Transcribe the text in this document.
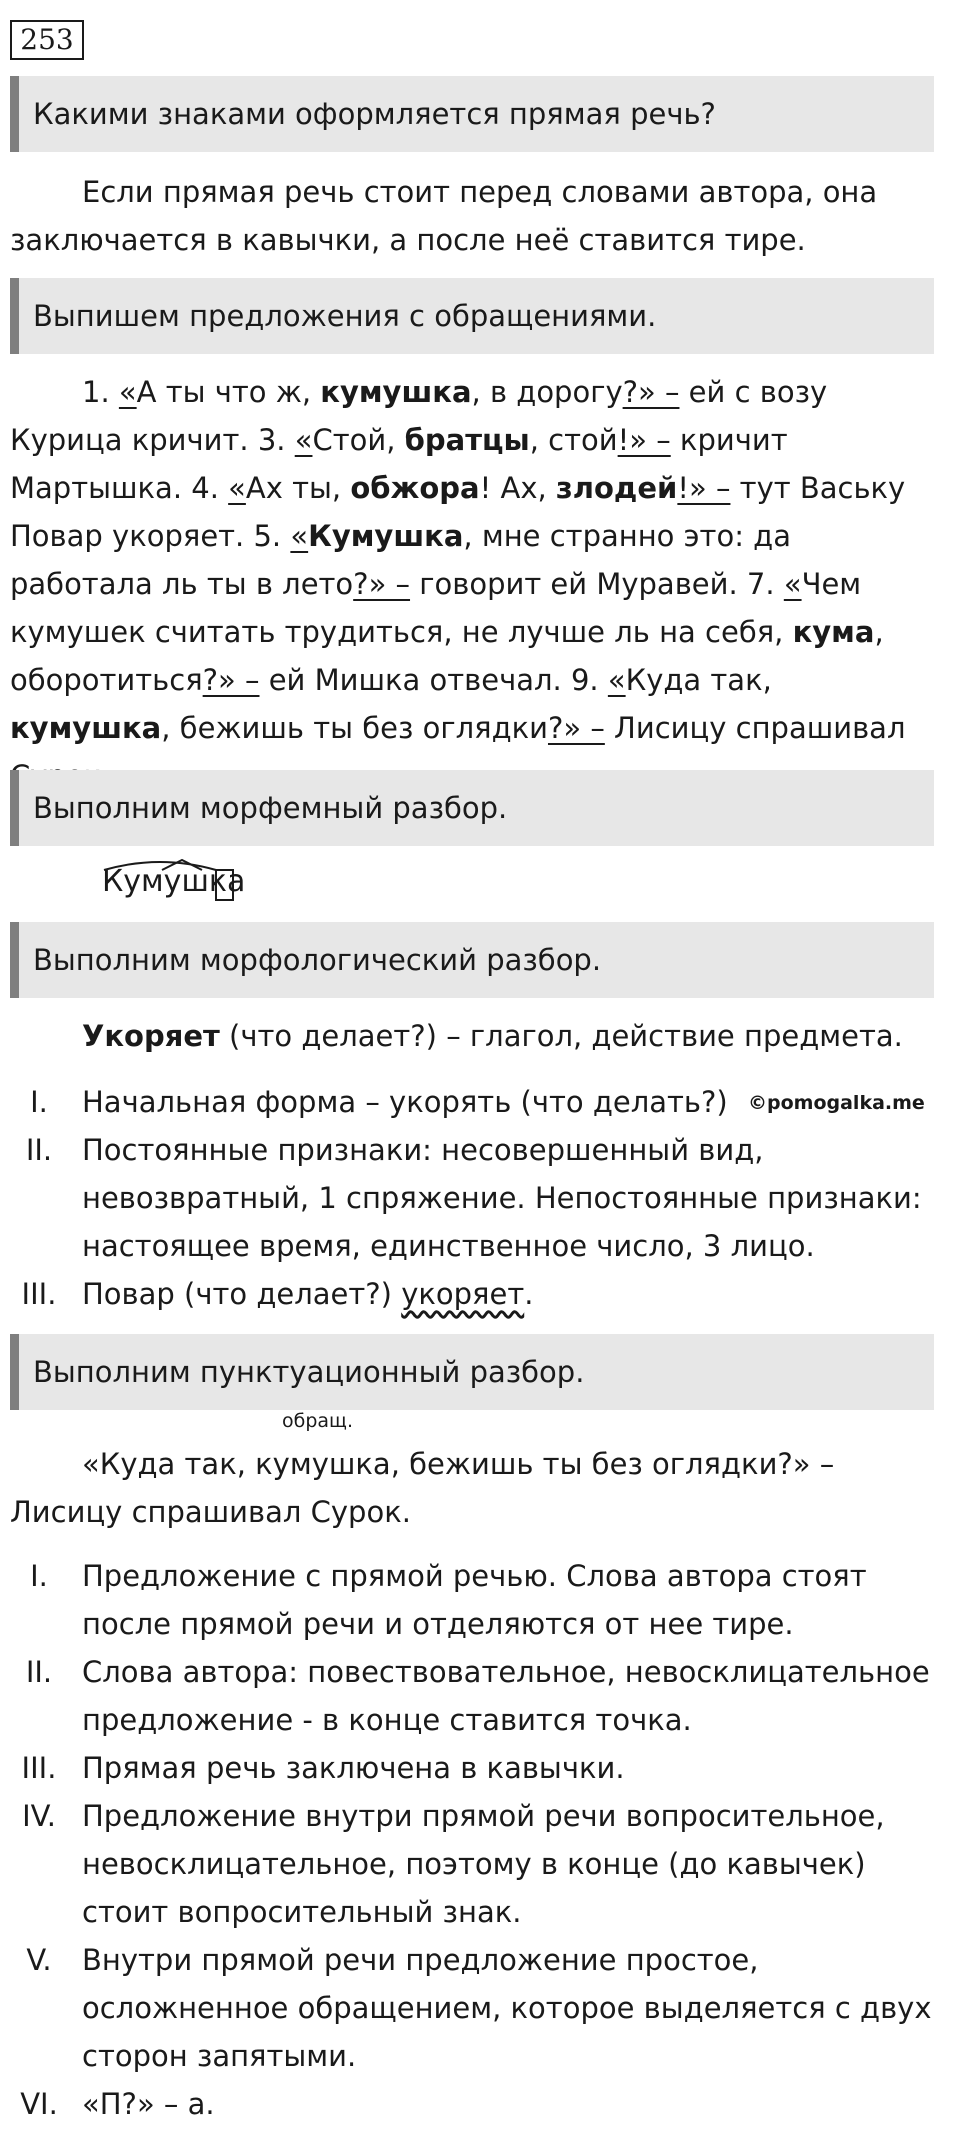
253
Какими знаками оформляется прямая речь?
Если прямая речь стоит перед словами автора, она заключается в кавычки, а после неё ставится тире.
Выпишем предложения с обращениями.
1. «А ты что ж, кумушка, в дорогу?» – ей с возу Курица кричит. 3. «Стой, братцы, стой!» – кричит Мартышка. 4. «Ах ты, обжора! Ах, злодей!» – тут Ваську Повар укоряет. 5. «Кумушка, мне странно это: да работала ль ты в лето?» – говорит ей Муравей. 7. «Чем кумушек считать трудиться, не лучше ль на себя, кума, оборотиться?» – ей Мишка отвечал. 9. «Куда так, кумушка, бежишь ты без оглядки?» – Лисицу спрашивал
Выполним морфемный разбор.
Кумушка
Выполним морфологический разбор.
Укоряет (что делает?) – глагол, действие предмета.
I.	Начальная форма – укорять (что делать?)
II.	Постоянные признаки: несовершенный вид, невозвратный, 1 спряжение. Непостоянные признаки: настоящее время, единственное число, 3 лицо.
III. Повар (что делает?) укоряет.
©pomogalka.me
Выполним пунктуационный разбор.
обращ.
«Куда так, кумушка, бежишь ты без оглядки?» – Лисицу спрашивал Сурок.
I.	Предложение с прямой речью. Слова автора стоят после прямой речи и отделяются от нее тире.
II.	Слова автора: повествовательное, невосклицательное предложение - в конце ставится точка.
III. Прямая речь заключена в кавычки.
IV. Предложение внутри прямой речи вопросительное, невосклицательное, поэтому в конце (до кавычек) стоит вопросительный знак.
V.	Внутри прямой речи предложение простое, осложненное обращением, которое выделяется с двух сторон запятыми.
VI. «П?» – а.
